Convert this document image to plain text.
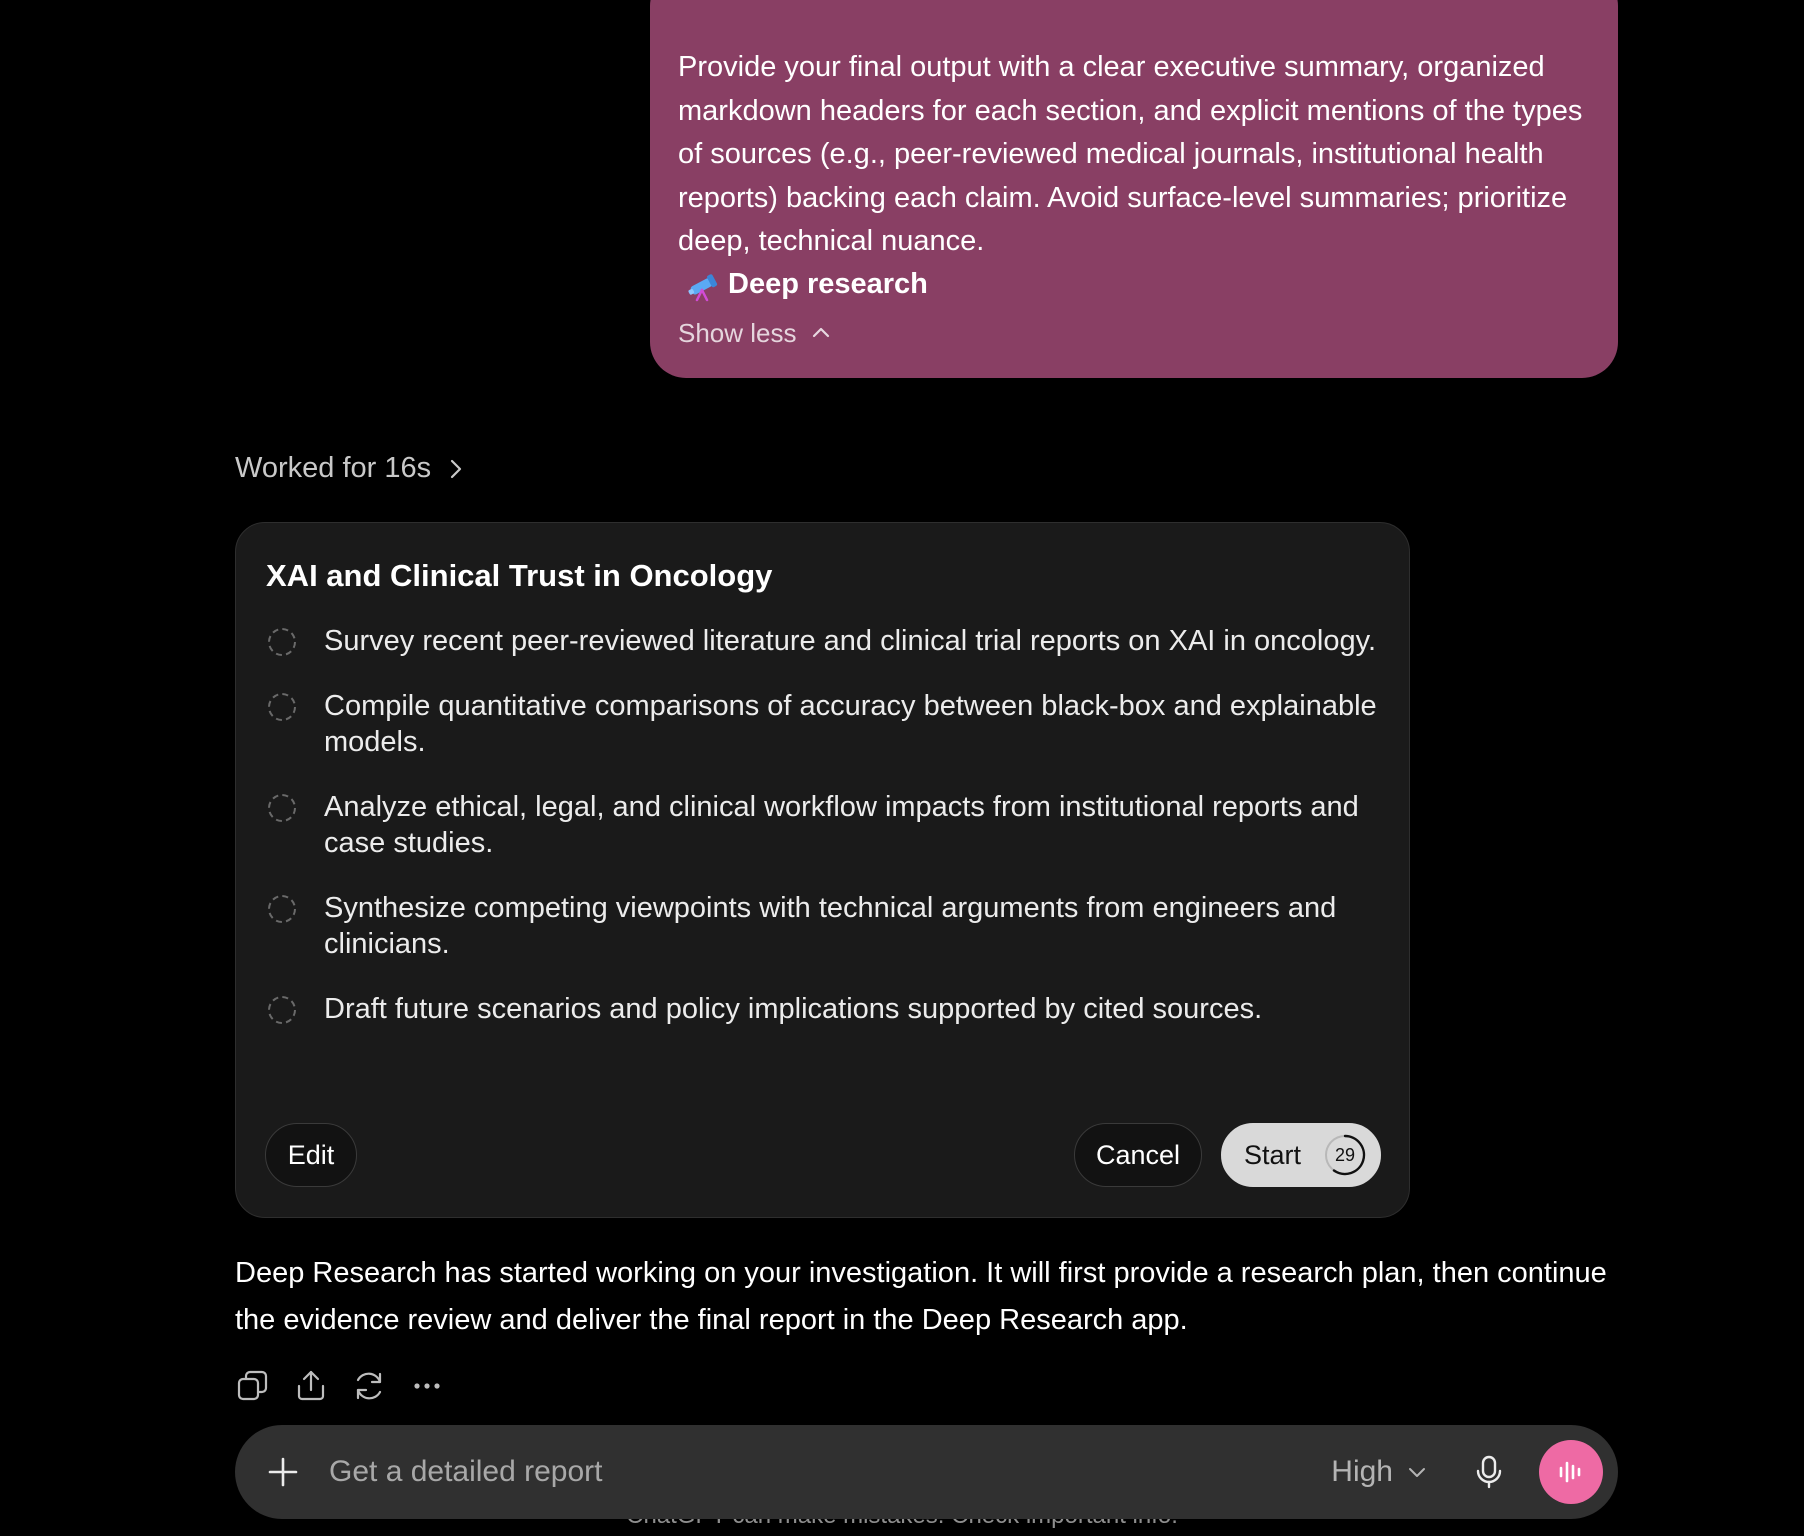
Provide your final output with a clear executive summary, organized markdown headers for each section, and explicit mentions of the types of sources (e.g., peer-reviewed medical journals, institutional health reports) backing each claim. Avoid surface-level summaries; prioritize deep, technical nuance.

Deep research
Show less
Worked for 16s
XAI and Clinical Trust in Oncology
Survey recent peer-reviewed literature and clinical trial reports on XAI in oncology.
Compile quantitative comparisons of accuracy between black-box and explainable models.
Analyze ethical, legal, and clinical workflow impacts from institutional reports and case studies.
Synthesize competing viewpoints with technical arguments from engineers and clinicians.
Draft future scenarios and policy implications supported by cited sources.
Edit	Cancel	Start	29

Deep Research has started working on your investigation. It will first provide a research plan, then continue the evidence review and deliver the final report in the Deep Research app.

Get a detailed report
High
